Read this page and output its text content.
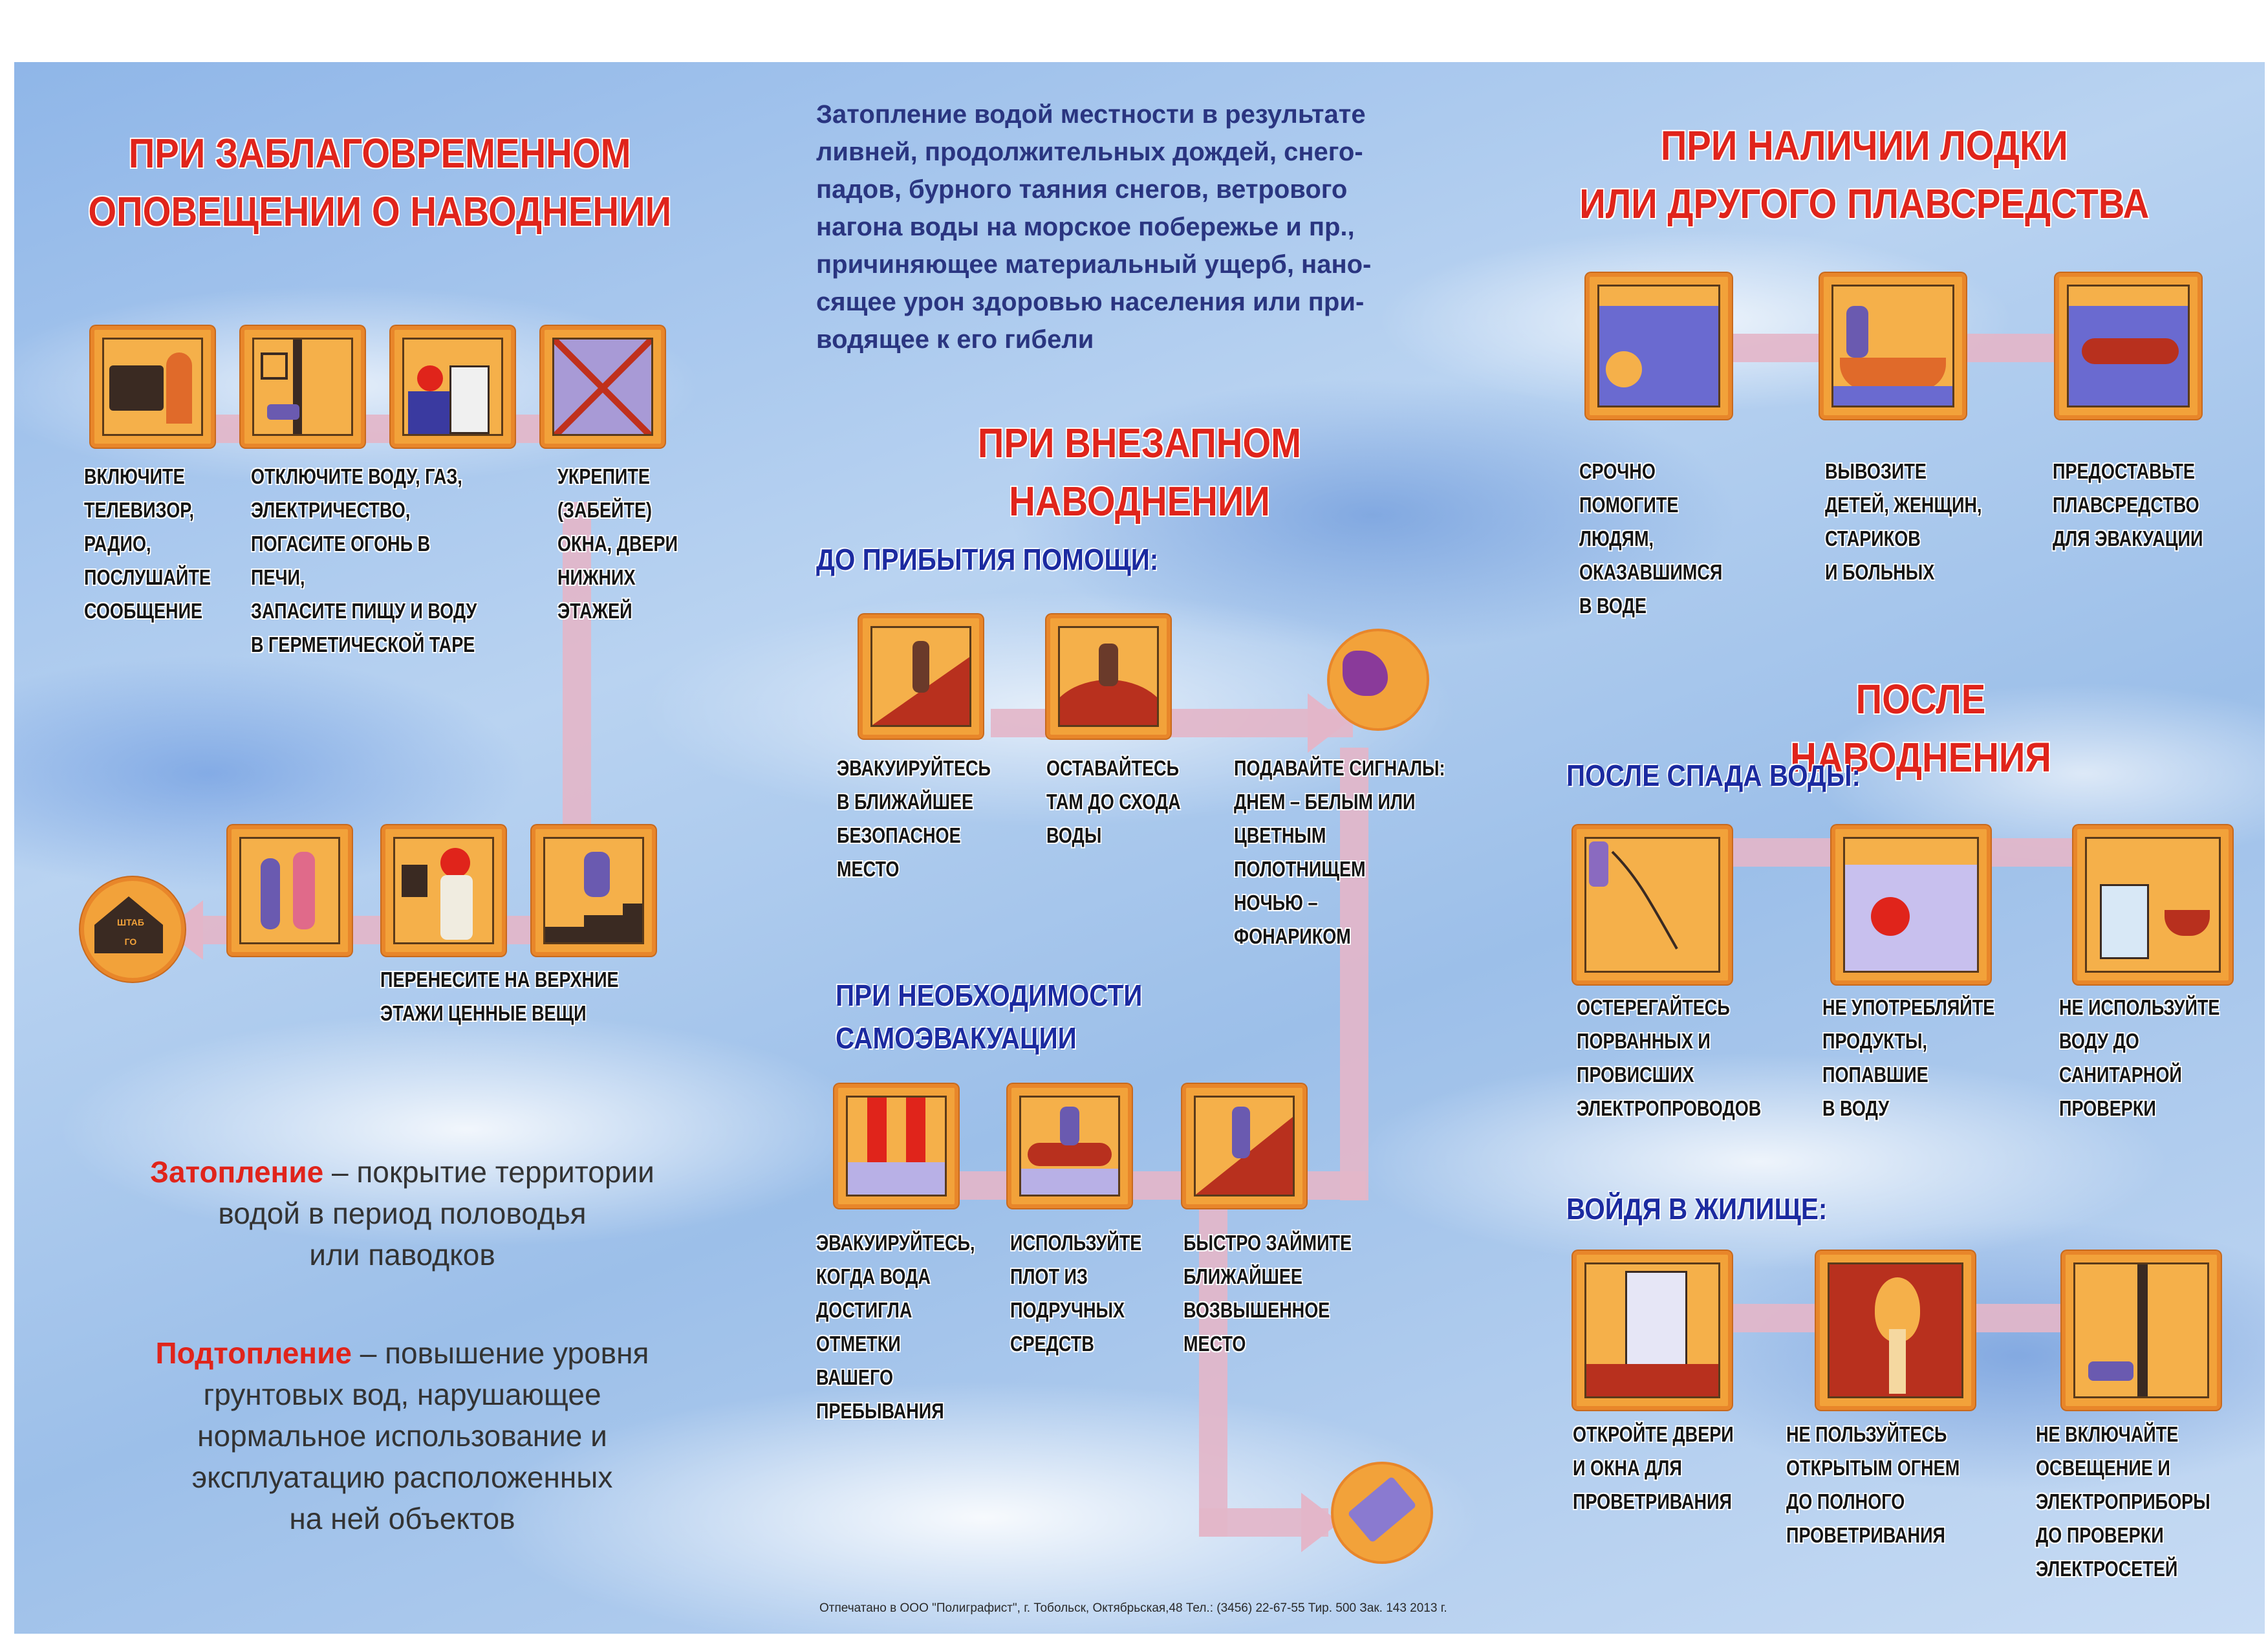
ПРИ ЗАБЛАГОВРЕМЕННОМ
ОПОВЕЩЕНИИ О НАВОДНЕНИИ
ВКЛЮЧИТЕ
ТЕЛЕВИЗОР,
РАДИО,
ПОСЛУШАЙТЕ
СООБЩЕНИЕ
ОТКЛЮЧИТЕ ВОДУ, ГАЗ,
ЭЛЕКТРИЧЕСТВО,
ПОГАСИТЕ ОГОНЬ В ПЕЧИ,
ЗАПАСИТЕ ПИЩУ И ВОДУ
В ГЕРМЕТИЧЕСКОЙ ТАРЕ
УКРЕПИТЕ
(ЗАБЕЙТЕ)
ОКНА, ДВЕРИ
НИЖНИХ
ЭТАЖЕЙ
ШТАБ
ГО
ПЕРЕНЕСИТЕ НА ВЕРХНИЕ
ЭТАЖИ ЦЕННЫЕ ВЕЩИ

Затопление – покрытие территории
водой в период половодья
или паводков

Подтопление – повышение уровня
грунтовых вод, нарушающее
нормальное использование и
эксплуатацию расположенных
на ней объектов

Затопление водой местности в результате
ливней, продолжительных дождей, снего-
падов, бурного таяния снегов, ветрового
нагона воды на морское побережье и пр.,
причиняющее материальный ущерб, нано-
сящее урон здоровью населения или при-
водящее к его гибели
ПРИ ВНЕЗАПНОМ НАВОДНЕНИИ
ДО ПРИБЫТИЯ ПОМОЩИ:
ЭВАКУИРУЙТЕСЬ
В БЛИЖАЙШЕЕ
БЕЗОПАСНОЕ
МЕСТО
ОСТАВАЙТЕСЬ
ТАМ ДО СХОДА
ВОДЫ
ПОДАВАЙТЕ СИГНАЛЫ:
ДНЕМ – БЕЛЫМ ИЛИ
ЦВЕТНЫМ
ПОЛОТНИЩЕМ
НОЧЬЮ –
ФОНАРИКОМ
ПРИ НЕОБХОДИМОСТИ
САМОЭВАКУАЦИИ
ЭВАКУИРУЙТЕСЬ,
КОГДА ВОДА
ДОСТИГЛА
ОТМЕТКИ
ВАШЕГО
ПРЕБЫВАНИЯ
ИСПОЛЬЗУЙТЕ
ПЛОТ ИЗ
ПОДРУЧНЫХ
СРЕДСТВ
БЫСТРО ЗАЙМИТЕ
БЛИЖАЙШЕЕ
ВОЗВЫШЕННОЕ
МЕСТО
ПРИ НАЛИЧИИ ЛОДКИ
ИЛИ ДРУГОГО ПЛАВСРЕДСТВА
СРОЧНО ПОМОГИТЕ
ЛЮДЯМ,
ОКАЗАВШИМСЯ
В ВОДЕ
ВЫВОЗИТЕ
ДЕТЕЙ, ЖЕНЩИН,
СТАРИКОВ
И БОЛЬНЫХ
ПРЕДОСТАВЬТЕ
ПЛАВСРЕДСТВО
ДЛЯ ЭВАКУАЦИИ
ПОСЛЕ НАВОДНЕНИЯ
ПОСЛЕ СПАДА ВОДЫ:
ОСТЕРЕГАЙТЕСЬ
ПОРВАННЫХ И
ПРОВИСШИХ
ЭЛЕКТРОПРОВОДОВ
НЕ УПОТРЕБЛЯЙТЕ
ПРОДУКТЫ,
ПОПАВШИЕ
В ВОДУ
НЕ ИСПОЛЬЗУЙТЕ
ВОДУ ДО
САНИТАРНОЙ
ПРОВЕРКИ
ВОЙДЯ В ЖИЛИЩЕ:
ОТКРОЙТЕ ДВЕРИ
И ОКНА ДЛЯ
ПРОВЕТРИВАНИЯ
НЕ ПОЛЬЗУЙТЕСЬ
ОТКРЫТЫМ ОГНЕМ
ДО ПОЛНОГО
ПРОВЕТРИВАНИЯ
НЕ ВКЛЮЧАЙТЕ
ОСВЕЩЕНИЕ И
ЭЛЕКТРОПРИБОРЫ
ДО ПРОВЕРКИ
ЭЛЕКТРОСЕТЕЙ
Отпечатано в ООО "Полиграфист", г. Тобольск, Октябрьская,48 Тел.: (3456) 22-67-55 Тир. 500 Зак. 143 2013 г.
